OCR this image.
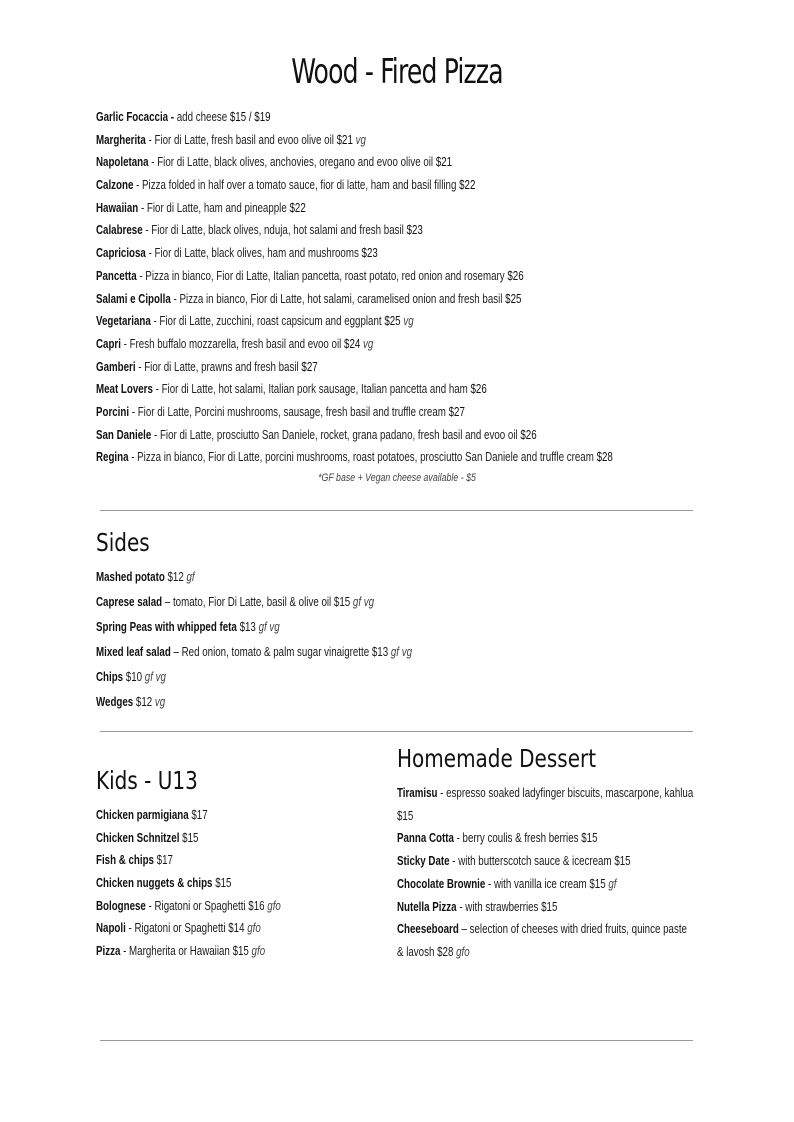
Wood - Fired Pizza
Garlic Focaccia - add cheese $15 / $19
Margherita - Fior di Latte, fresh basil and evoo olive oil $21 vg
Napoletana - Fior di Latte, black olives, anchovies, oregano and evoo olive oil $21
Calzone - Pizza folded in half over a tomato sauce, fior di latte, ham and basil filling $22
Hawaiian - Fior di Latte, ham and pineapple $22
Calabrese - Fior di Latte, black olives, nduja, hot salami and fresh basil $23
Capriciosa - Fior di Latte, black olives, ham and mushrooms $23
Pancetta - Pizza in bianco, Fior di Latte, Italian pancetta, roast potato, red onion and rosemary $26
Salami e Cipolla - Pizza in bianco, Fior di Latte, hot salami, caramelised onion and fresh basil $25
Vegetariana - Fior di Latte, zucchini, roast capsicum and eggplant $25 vg
Capri - Fresh buffalo mozzarella, fresh basil and evoo oil $24 vg
Gamberi - Fior di Latte, prawns and fresh basil $27
Meat Lovers - Fior di Latte, hot salami, Italian pork sausage, Italian pancetta and ham $26
Porcini - Fior di Latte, Porcini mushrooms, sausage, fresh basil and truffle cream $27
San Daniele - Fior di Latte, prosciutto San Daniele, rocket, grana padano, fresh basil and evoo oil $26
Regina - Pizza in bianco, Fior di Latte, porcini mushrooms, roast potatoes, prosciutto San Daniele and truffle cream $28
*GF base + Vegan cheese available - $5
Sides
Mashed potato $12 gf
Caprese salad – tomato, Fior Di Latte, basil & olive oil $15 gf vg
Spring Peas with whipped feta $13 gf vg
Mixed leaf salad – Red onion, tomato & palm sugar vinaigrette $13 gf vg
Chips $10 gf vg
Wedges $12 vg
Kids - U13
Chicken parmigiana $17
Chicken Schnitzel $15
Fish & chips $17
Chicken nuggets & chips $15
Bolognese - Rigatoni or Spaghetti $16 gfo
Napoli - Rigatoni or Spaghetti $14 gfo
Pizza - Margherita or Hawaiian $15 gfo
Homemade Dessert
Tiramisu - espresso soaked ladyfinger biscuits, mascarpone, kahlua $15
Panna Cotta - berry coulis & fresh berries $15
Sticky Date - with butterscotch sauce & icecream $15
Chocolate Brownie - with vanilla ice cream $15 gf
Nutella Pizza - with strawberries $15
Cheeseboard – selection of cheeses with dried fruits, quince paste & lavosh $28 gfo
